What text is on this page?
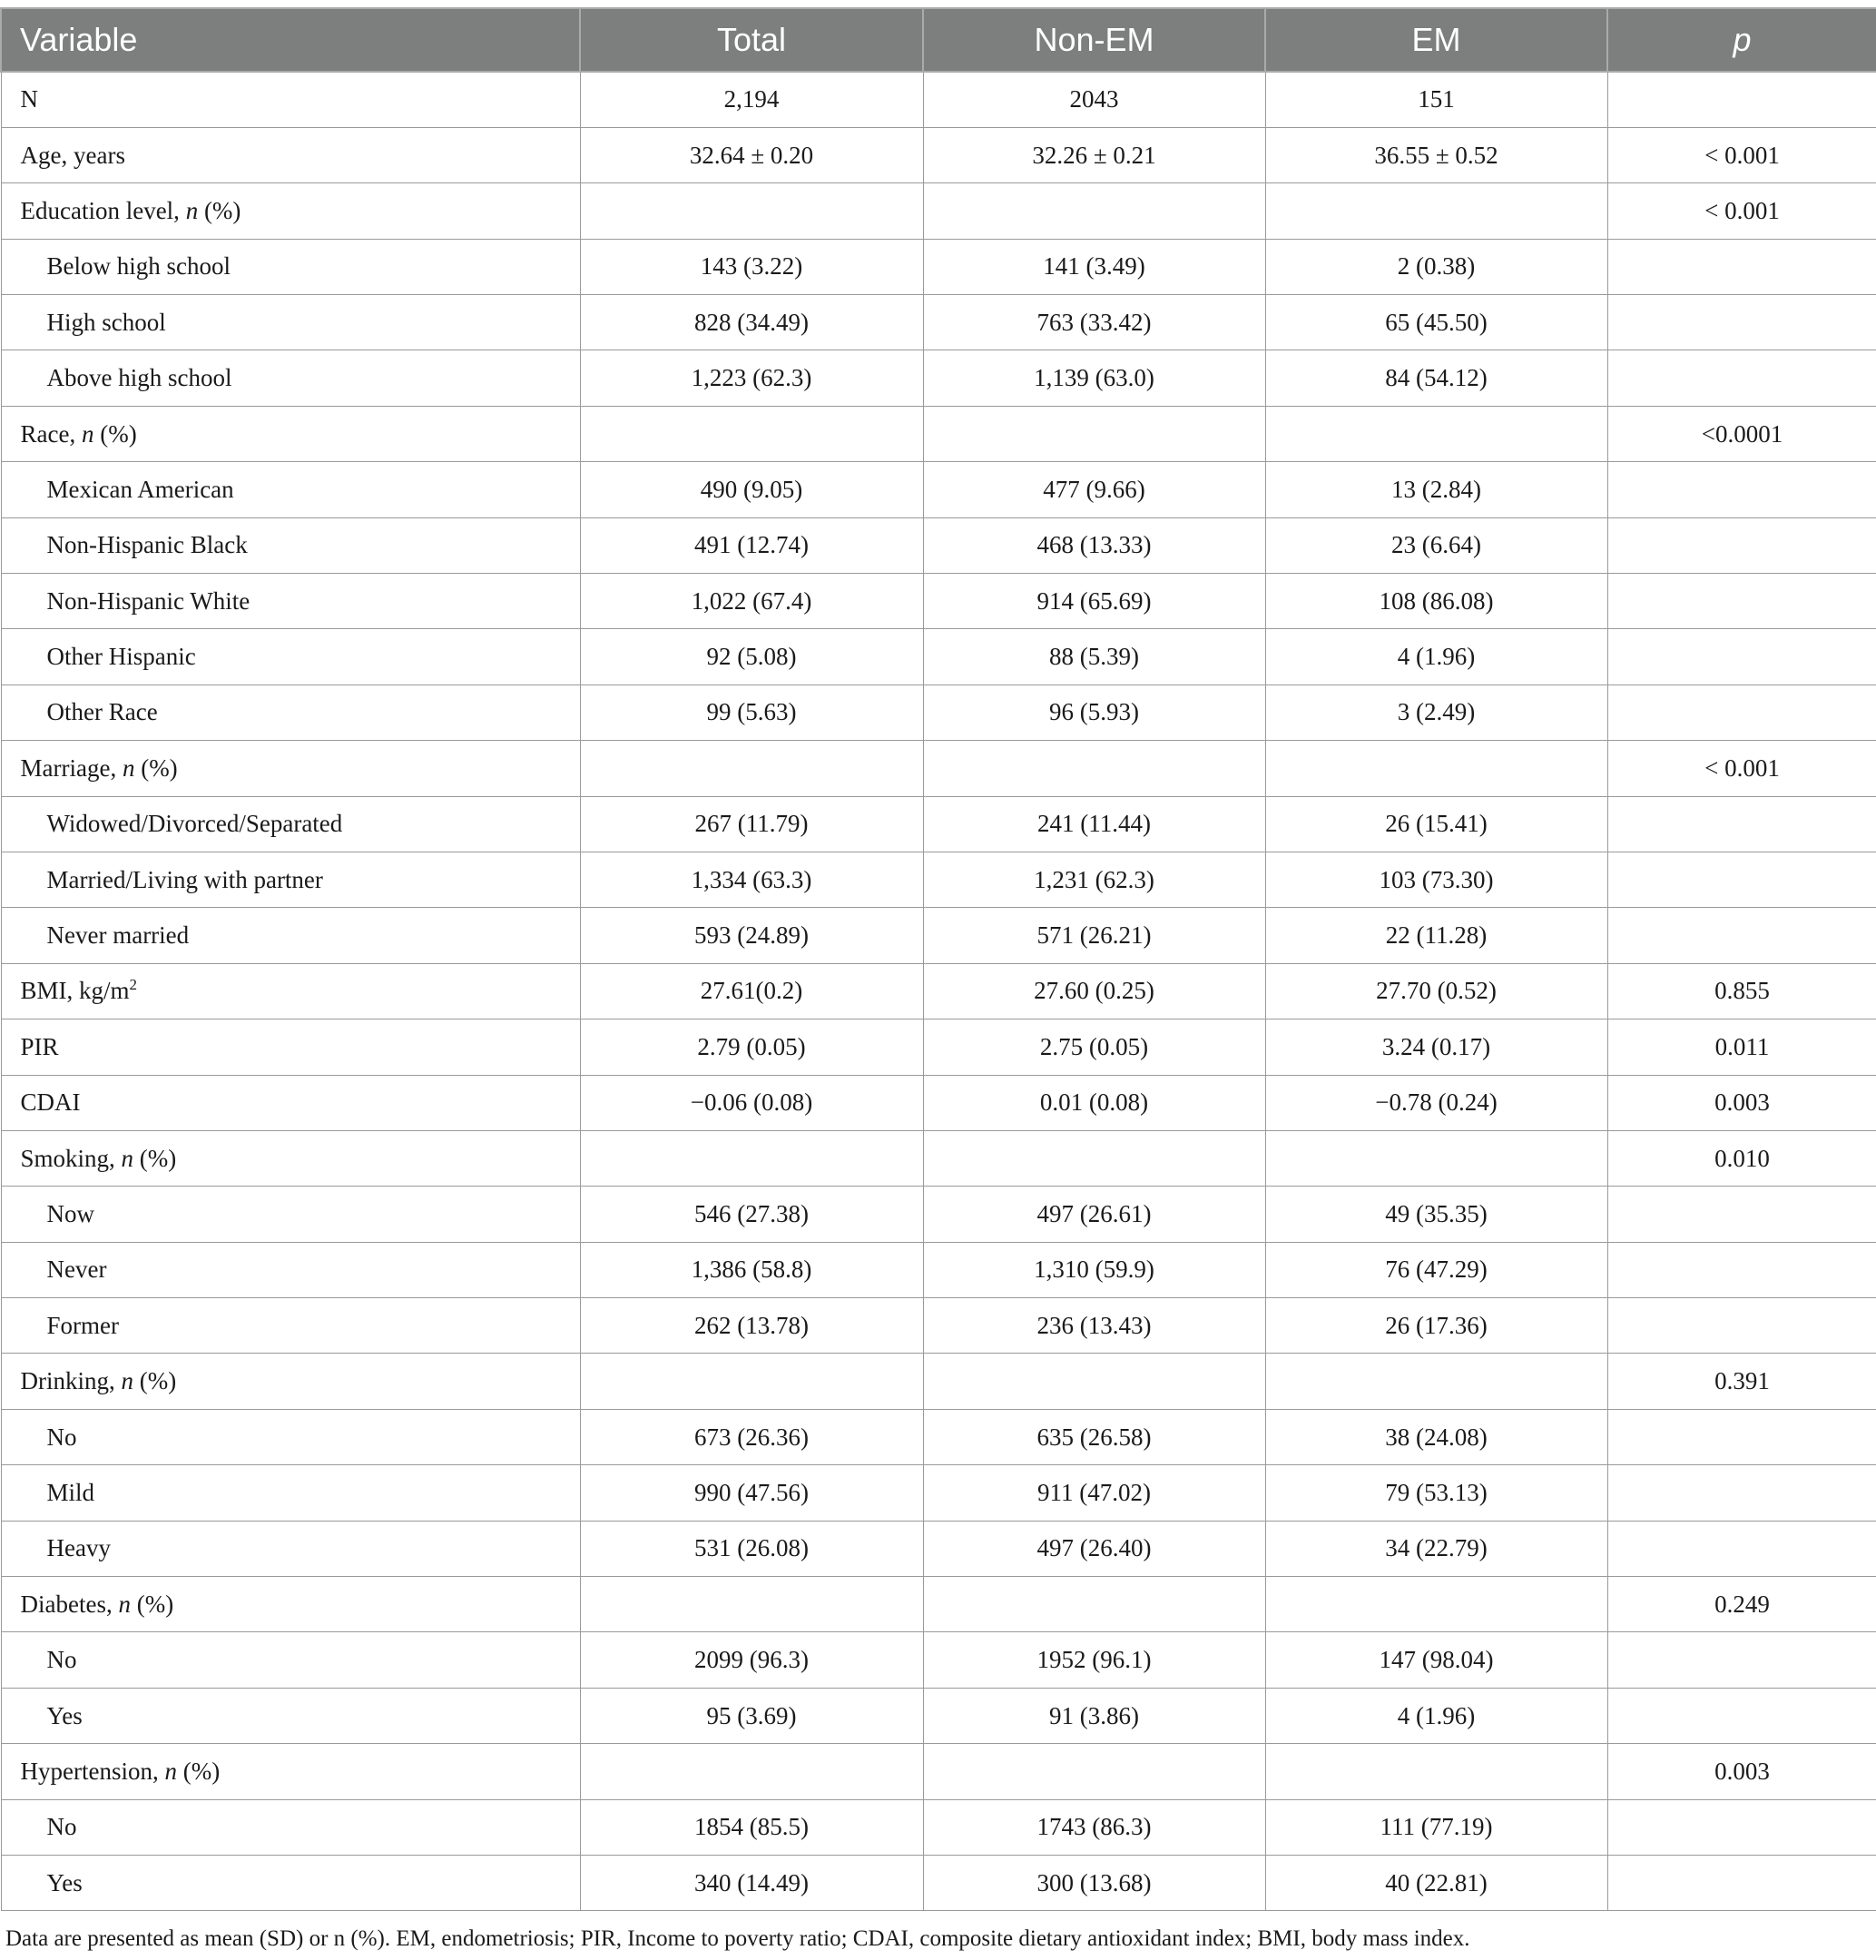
Variable	Total	Non-EM	EM	p
N	2,194	2043	151	
Age, years	32.64 ± 0.20	32.26 ± 0.21	36.55 ± 0.52	< 0.001
Education level, n (%)				< 0.001
Below high school	143 (3.22)	141 (3.49)	2 (0.38)	
High school	828 (34.49)	763 (33.42)	65 (45.50)	
Above high school	1,223 (62.3)	1,139 (63.0)	84 (54.12)	
Race, n (%)				<0.0001
Mexican American	490 (9.05)	477 (9.66)	13 (2.84)	
Non-Hispanic Black	491 (12.74)	468 (13.33)	23 (6.64)	
Non-Hispanic White	1,022 (67.4)	914 (65.69)	108 (86.08)	
Other Hispanic	92 (5.08)	88 (5.39)	4 (1.96)	
Other Race	99 (5.63)	96 (5.93)	3 (2.49)	
Marriage, n (%)				< 0.001
Widowed/Divorced/Separated	267 (11.79)	241 (11.44)	26 (15.41)	
Married/Living with partner	1,334 (63.3)	1,231 (62.3)	103 (73.30)	
Never married	593 (24.89)	571 (26.21)	22 (11.28)	
BMI, $kg/m^2$	27.61(0.2)	27.60 (0.25)	27.70 (0.52)	0.855
PIR	2.79 (0.05)	2.75 (0.05)	3.24 (0.17)	0.011
CDAI	−0.06 (0.08)	0.01 (0.08)	−0.78 (0.24)	0.003
Smoking, n (%)				0.010
Now	546 (27.38)	497 (26.61)	49 (35.35)	
Never	1,386 (58.8)	1,310 (59.9)	76 (47.29)	
Former	262 (13.78)	236 (13.43)	26 (17.36)	
Drinking, n (%)				0.391
No	673 (26.36)	635 (26.58)	38 (24.08)	
Mild	990 (47.56)	911 (47.02)	79 (53.13)	
Heavy	531 (26.08)	497 (26.40)	34 (22.79)	
Diabetes, n (%)				0.249
No	2099 (96.3)	1952 (96.1)	147 (98.04)	
Yes	95 (3.69)	91 (3.86)	4 (1.96)	
Hypertension, n (%)				0.003
No	1854 (85.5)	1743 (86.3)	111 (77.19)	
Yes	340 (14.49)	300 (13.68)	40 (22.81)	
Data are presented as mean (SD) or n (%). EM, endometriosis; PIR, Income to poverty ratio; CDAI, composite dietary antioxidant index; BMI, body mass index.
